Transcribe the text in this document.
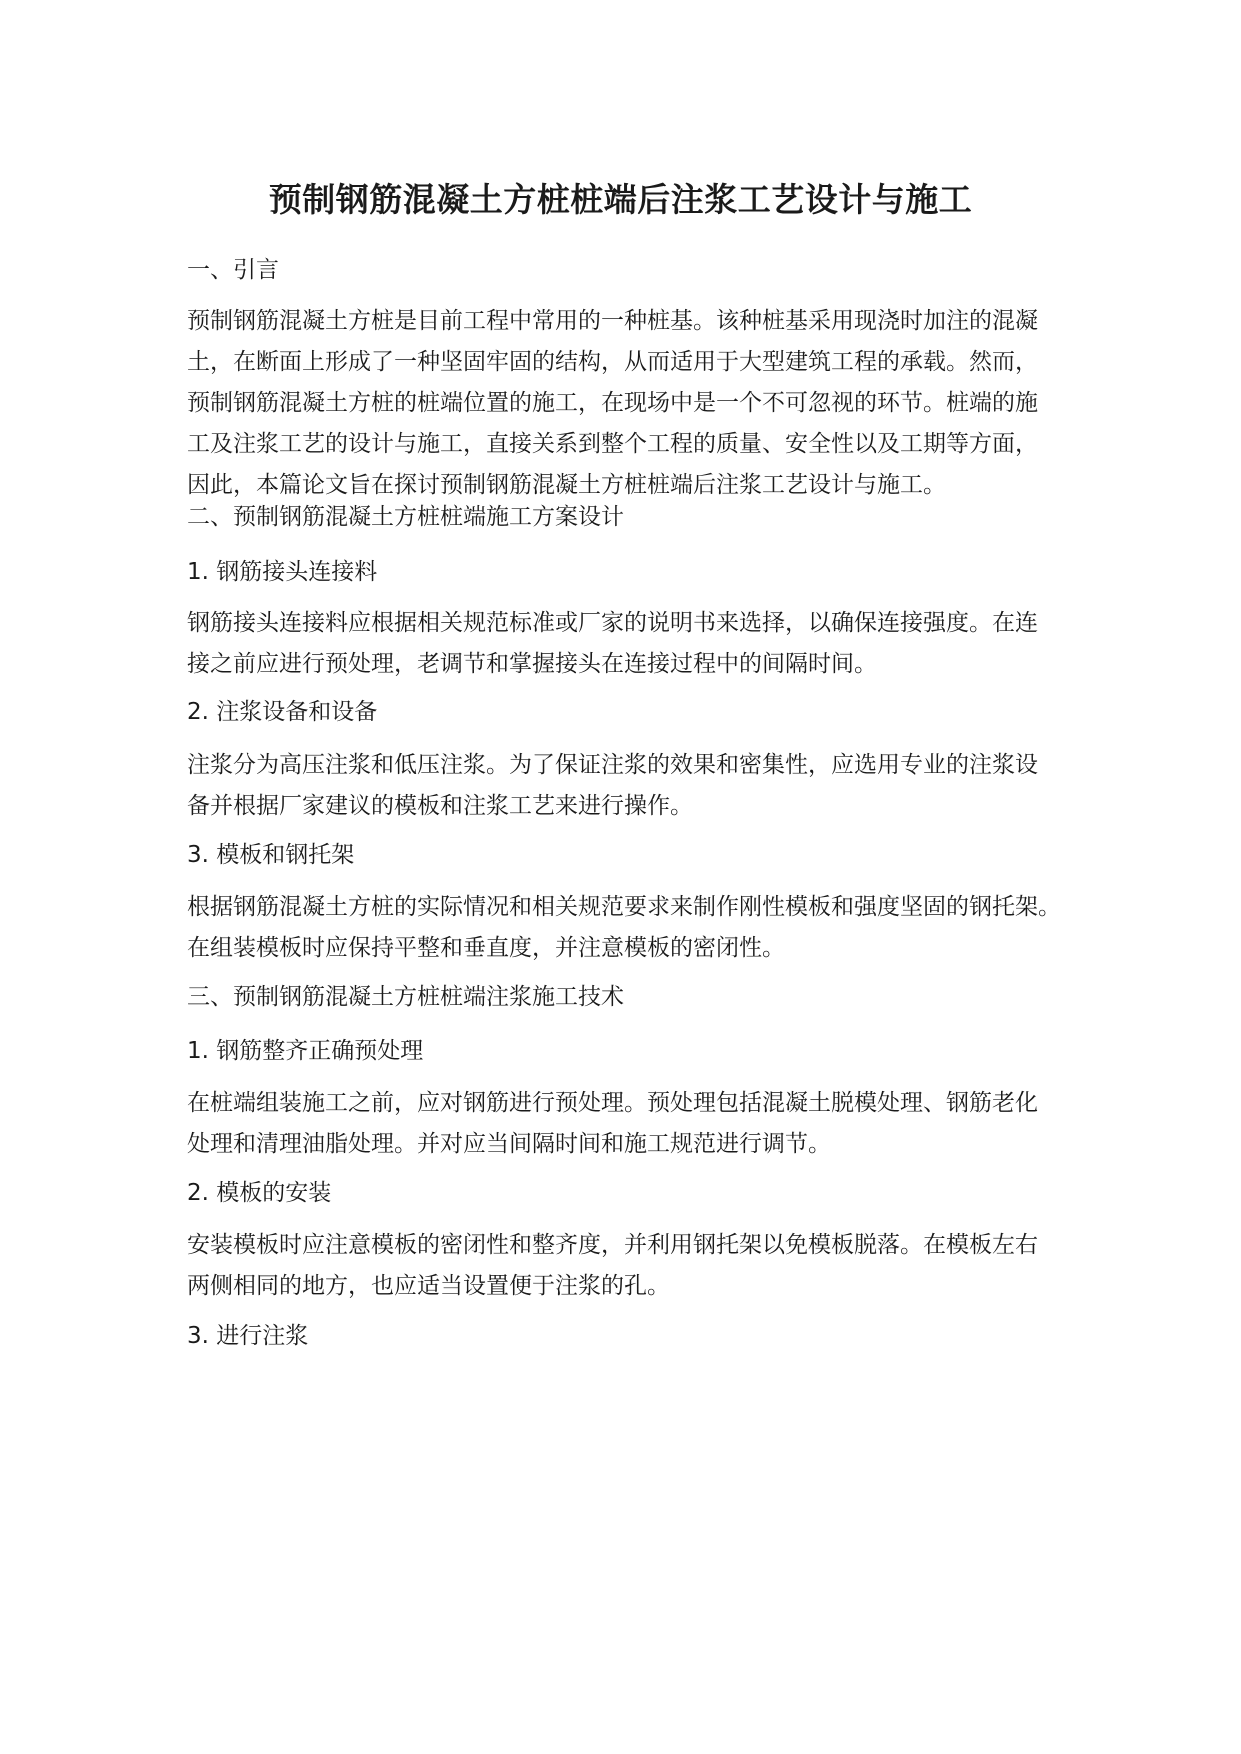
预制钢筋混凝土方桩桩端后注浆工艺设计与施工

一、引言

预制钢筋混凝土方桩是目前工程中常用的一种桩基。该种桩基采用现浇时加注的混凝
土，在断面上形成了一种坚固牢固的结构，从而适用于大型建筑工程的承载。然而，
预制钢筋混凝土方桩的桩端位置的施工，在现场中是一个不可忽视的环节。桩端的施
工及注浆工艺的设计与施工，直接关系到整个工程的质量、安全性以及工期等方面，
因此，本篇论文旨在探讨预制钢筋混凝土方桩桩端后注浆工艺设计与施工。

二、预制钢筋混凝土方桩桩端施工方案设计

1. 钢筋接头连接料

钢筋接头连接料应根据相关规范标准或厂家的说明书来选择，以确保连接强度。在连
接之前应进行预处理，老调节和掌握接头在连接过程中的间隔时间。

2. 注浆设备和设备

注浆分为高压注浆和低压注浆。为了保证注浆的效果和密集性，应选用专业的注浆设
备并根据厂家建议的模板和注浆工艺来进行操作。

3. 模板和钢托架

根据钢筋混凝土方桩的实际情况和相关规范要求来制作刚性模板和强度坚固的钢托架。
在组装模板时应保持平整和垂直度，并注意模板的密闭性。

三、预制钢筋混凝土方桩桩端注浆施工技术

1. 钢筋整齐正确预处理

在桩端组装施工之前，应对钢筋进行预处理。预处理包括混凝土脱模处理、钢筋老化
处理和清理油脂处理。并对应当间隔时间和施工规范进行调节。

2. 模板的安装

安装模板时应注意模板的密闭性和整齐度，并利用钢托架以免模板脱落。在模板左右
两侧相同的地方，也应适当设置便于注浆的孔。

3. 进行注浆
